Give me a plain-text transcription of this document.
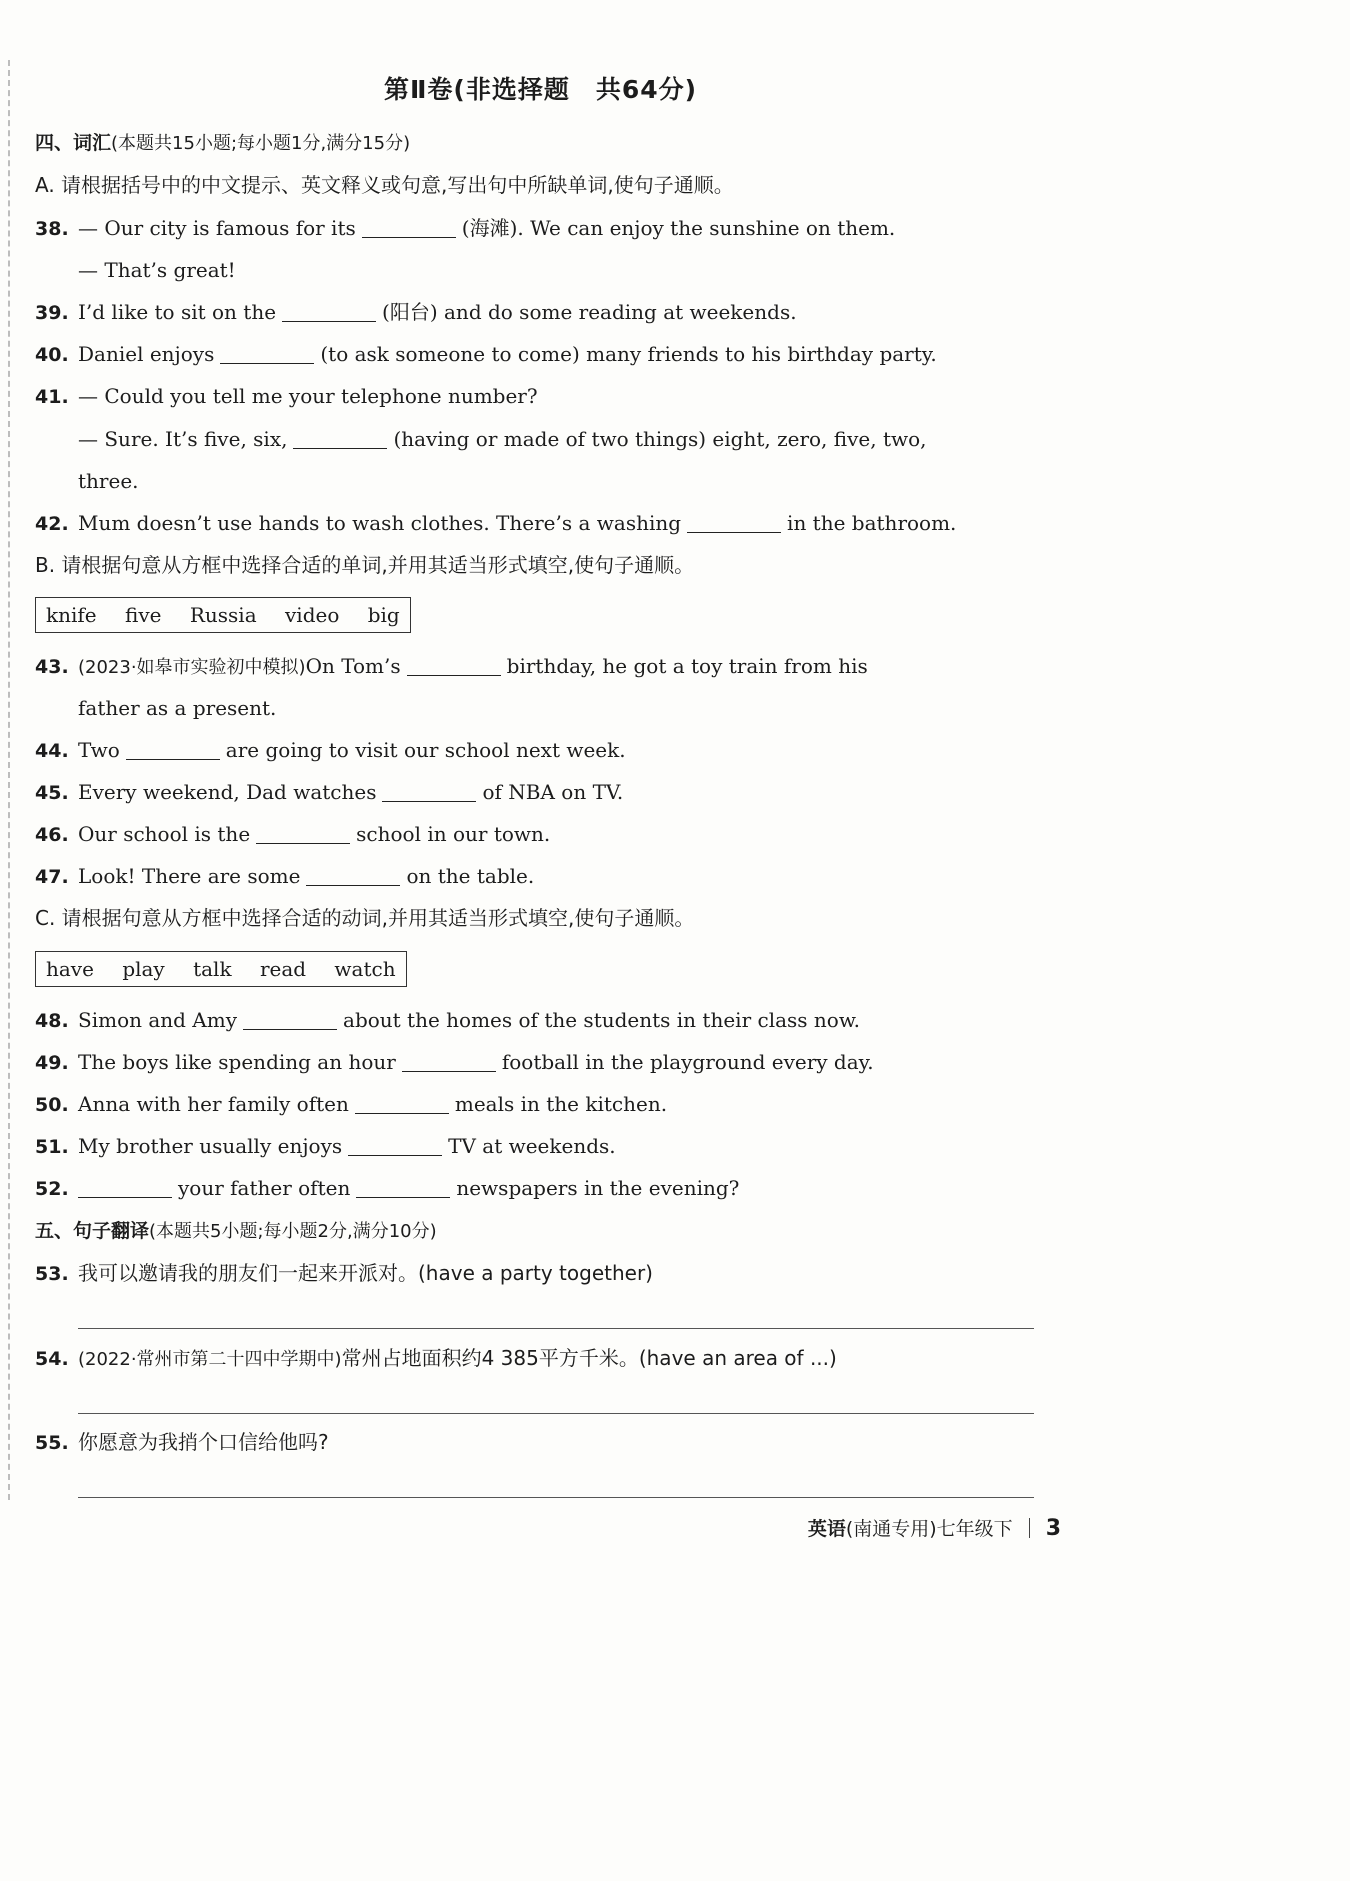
第Ⅱ卷(非选择题　共64分)
四、词汇(本题共15小题;每小题1分,满分15分)
A. 请根据括号中的中文提示、英文释义或句意,写出句中所缺单词,使句子通顺。
38. — Our city is famous for its	(海滩). We can enjoy the sunshine on them.
— That’s great!
39. I’d like to sit on the	(阳台) and do some reading at weekends.
40. Daniel enjoys	(to ask someone to come) many friends to his birthday party.
41. — Could you tell me your telephone number?
— Sure. It’s five, six,	(having or made of two things) eight, zero, five, two,
three.
42. Mum doesn’t use hands to wash clothes. There’s a washing	in the bathroom.
B. 请根据句意从方框中选择合适的单词,并用其适当形式填空,使句子通顺。
knife five Russia video big
43. (2023·如皋市实验初中模拟)On Tom’s	birthday, he got a toy train from his
father as a present.
44. Two	are going to visit our school next week.
45. Every weekend, Dad watches	of NBA on TV.
46. Our school is the	school in our town.
47. Look! There are some	on the table.
C. 请根据句意从方框中选择合适的动词,并用其适当形式填空,使句子通顺。
have play talk read watch
48. Simon and Amy	about the homes of the students in their class now.
49. The boys like spending an hour	football in the playground every day.
50. Anna with her family often	meals in the kitchen.
51. My brother usually enjoys	TV at weekends.
52.	your father often	newspapers in the evening?
五、句子翻译(本题共5小题;每小题2分,满分10分)
53. 我可以邀请我的朋友们一起来开派对。(have a party together)
54. (2022·常州市第二十四中学期中)常州占地面积约4 385平方千米。(have an area of ...)
55. 你愿意为我捎个口信给他吗?
英语(南通专用)七年级下 3
